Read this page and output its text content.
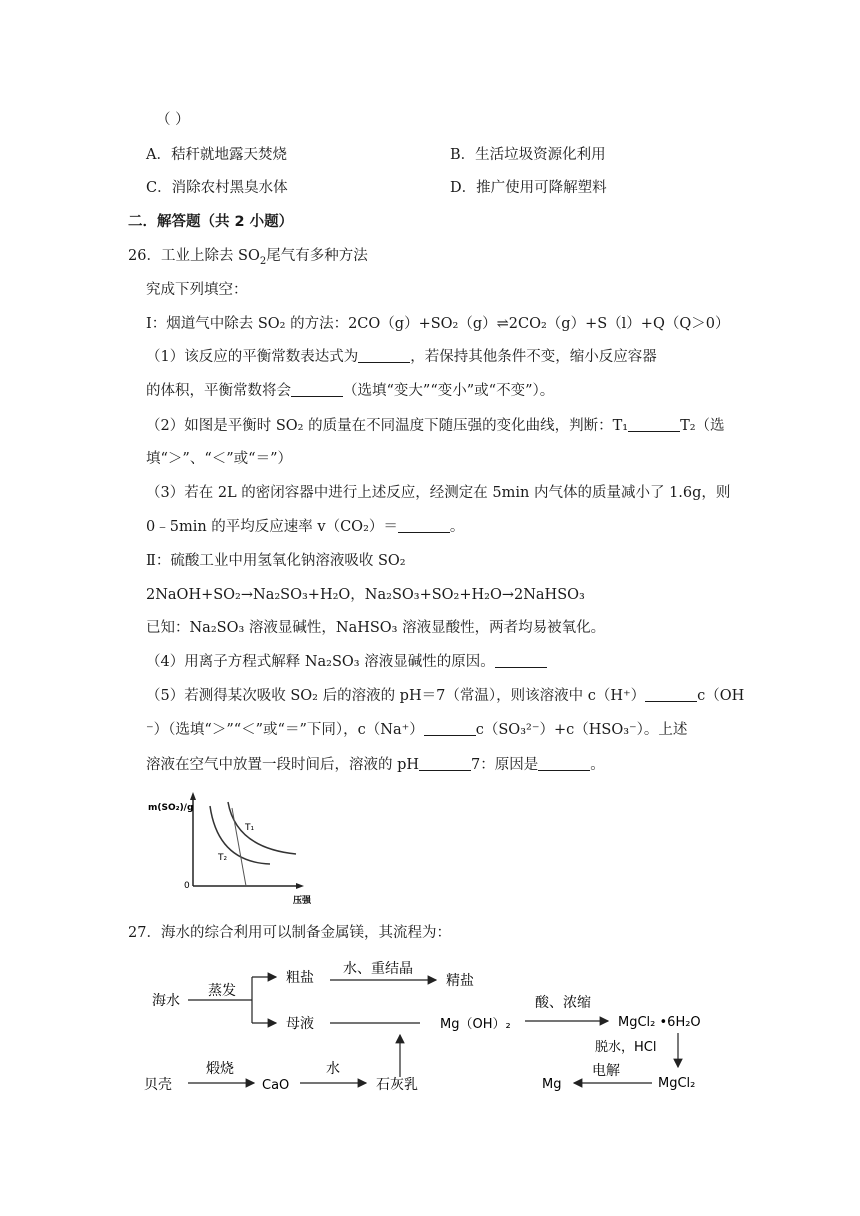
（ ）
A．秸秆就地露天焚烧	B．生活垃圾资源化利用
C．消除农村黑臭水体	D．推广使用可降解塑料
二．解答题（共 2 小题）
26．工业上除去 $SO_2$尾气有多种方法
究成下列填空：
I：烟道气中除去 SO₂ 的方法：2CO（g）+SO₂（g）⇌2CO₂（g）+S（l）+Q（Q＞0）
（1）该反应的平衡常数表达式为	，若保持其他条件不变，缩小反应容器
的体积，平衡常数将会	（选填“变大”“变小”或“不变”）。
（2）如图是平衡时 SO₂ 的质量在不同温度下随压强的变化曲线，判断：T₁	T₂（选
填“＞”、“＜”或“＝”）
（3）若在 2L 的密闭容器中进行上述反应，经测定在 5min 内气体的质量减小了 1.6g，则
0﹣5min 的平均反应速率 v（CO₂）＝	。
Ⅱ：硫酸工业中用氢氧化钠溶液吸收 SO₂
2NaOH+SO₂→Na₂SO₃+H₂O，Na₂SO₃+SO₂+H₂O→2NaHSO₃
已知：Na₂SO₃ 溶液显碱性，NaHSO₃ 溶液显酸性，两者均易被氧化。
（4）用离子方程式解释 Na₂SO₃ 溶液显碱性的原因。
（5）若测得某次吸收 SO₂ 后的溶液的 pH＝7（常温），则该溶液中 c（H⁺）	c（OH
⁻）（选填“＞”“＜”或“＝”下同），c（Na⁺）	c（SO₃²⁻）+c（HSO₃⁻）。上述
溶液在空气中放置一段时间后，溶液的 pH	7：原因是	。
m(SO₂)/g
0
压强
T₁
T₂
27．海水的综合利用可以制备金属镁，其流程为：
海水
蒸发
粗盐
水、重结晶
精盐
母液	Mg（OH）₂
酸、浓缩
MgCl₂ •6H₂O
脱水，HCl
MgCl₂
电解
Mg
贝壳
煅烧
CaO
水
石灰乳
